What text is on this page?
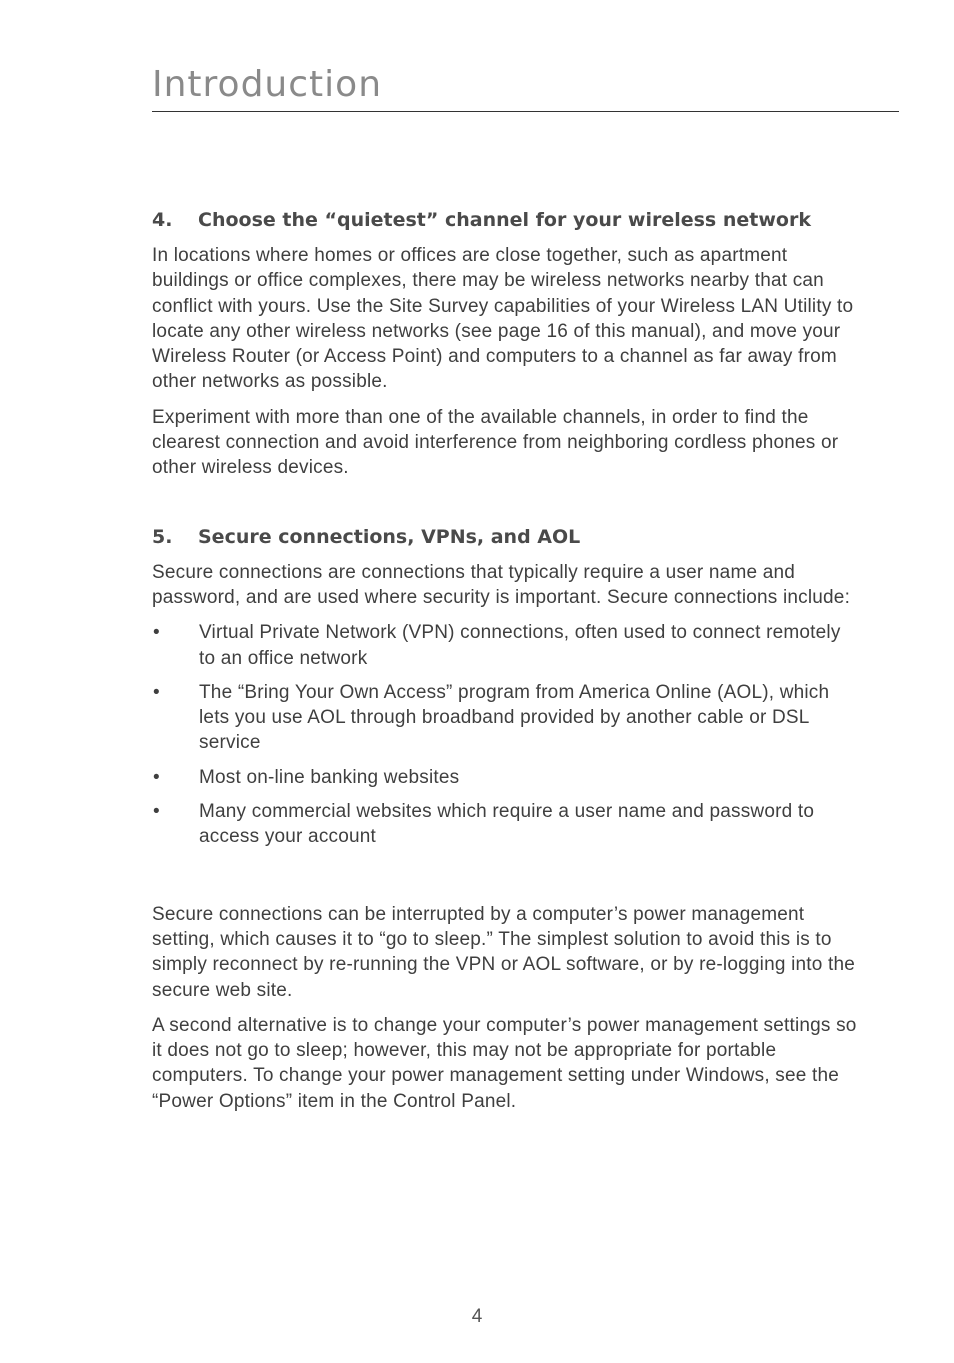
Introduction
4.	Choose the “quietest” channel for your wireless network

In locations where homes or offices are close together, such as apartment buildings or office complexes, there may be wireless networks nearby that can conflict with yours. Use the Site Survey capabilities of your Wireless LAN Utility to locate any other wireless networks (see page 16 of this manual), and move your Wireless Router (or Access Point) and computers to a channel as far away from other networks as possible.

Experiment with more than one of the available channels, in order to find the clearest connection and avoid interference from neighboring cordless phones or other wireless devices.

5.	Secure connections, VPNs, and AOL

Secure connections are connections that typically require a user name and password, and are used where security is important. Secure connections include:

•	Virtual Private Network (VPN) connections, often used to connect remotely to an office network
•	The “Bring Your Own Access” program from America Online (AOL), which lets you use AOL through broadband provided by another cable or DSL service
•	Most on-line banking websites
•	Many commercial websites which require a user name and password to access your account

Secure connections can be interrupted by a computer’s power management setting, which causes it to “go to sleep.” The simplest solution to avoid this is to simply reconnect by re-running the VPN or AOL software, or by re-logging into the secure web site.

A second alternative is to change your computer’s power management settings so it does not go to sleep; however, this may not be appropriate for portable computers. To change your power management setting under Windows, see the “Power Options” item in the Control Panel.

4
